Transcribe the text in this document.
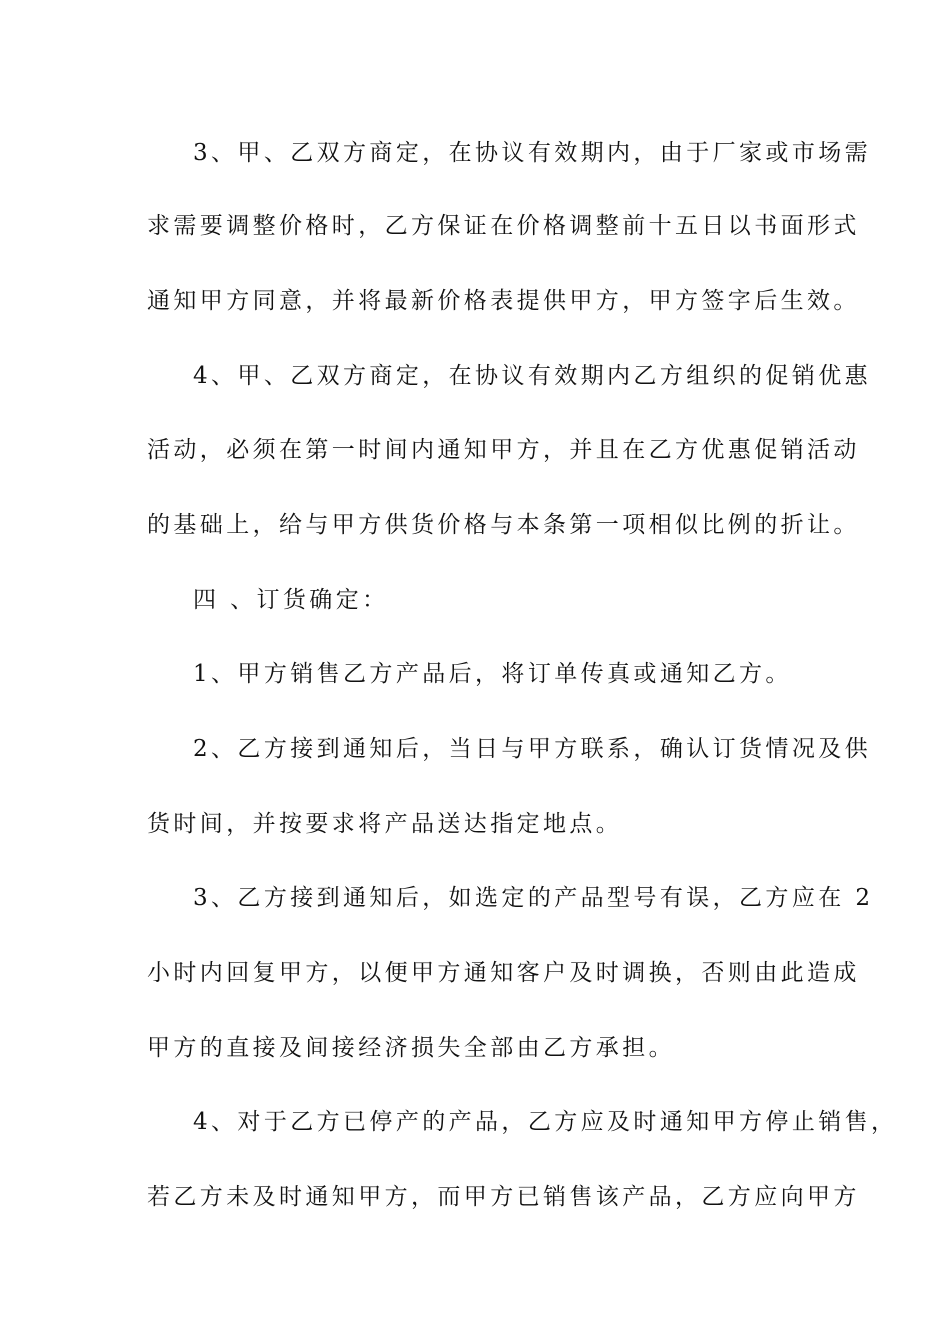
3、甲、乙双方商定，在协议有效期内，由于厂家或市场需
求需要调整价格时，乙方保证在价格调整前十五日以书面形式
通知甲方同意，并将最新价格表提供甲方，甲方签字后生效。
4、甲、乙双方商定，在协议有效期内乙方组织的促销优惠
活动，必须在第一时间内通知甲方，并且在乙方优惠促销活动
的基础上，给与甲方供货价格与本条第一项相似比例的折让。
四 、订货确定：
1、甲方销售乙方产品后，将订单传真或通知乙方。
2、乙方接到通知后，当日与甲方联系，确认订货情况及供
货时间，并按要求将产品送达指定地点。
3、乙方接到通知后，如选定的产品型号有误，乙方应在 2
小时内回复甲方，以便甲方通知客户及时调换，否则由此造成
甲方的直接及间接经济损失全部由乙方承担。
4、对于乙方已停产的产品，乙方应及时通知甲方停止销售，
若乙方未及时通知甲方，而甲方已销售该产品，乙方应向甲方
